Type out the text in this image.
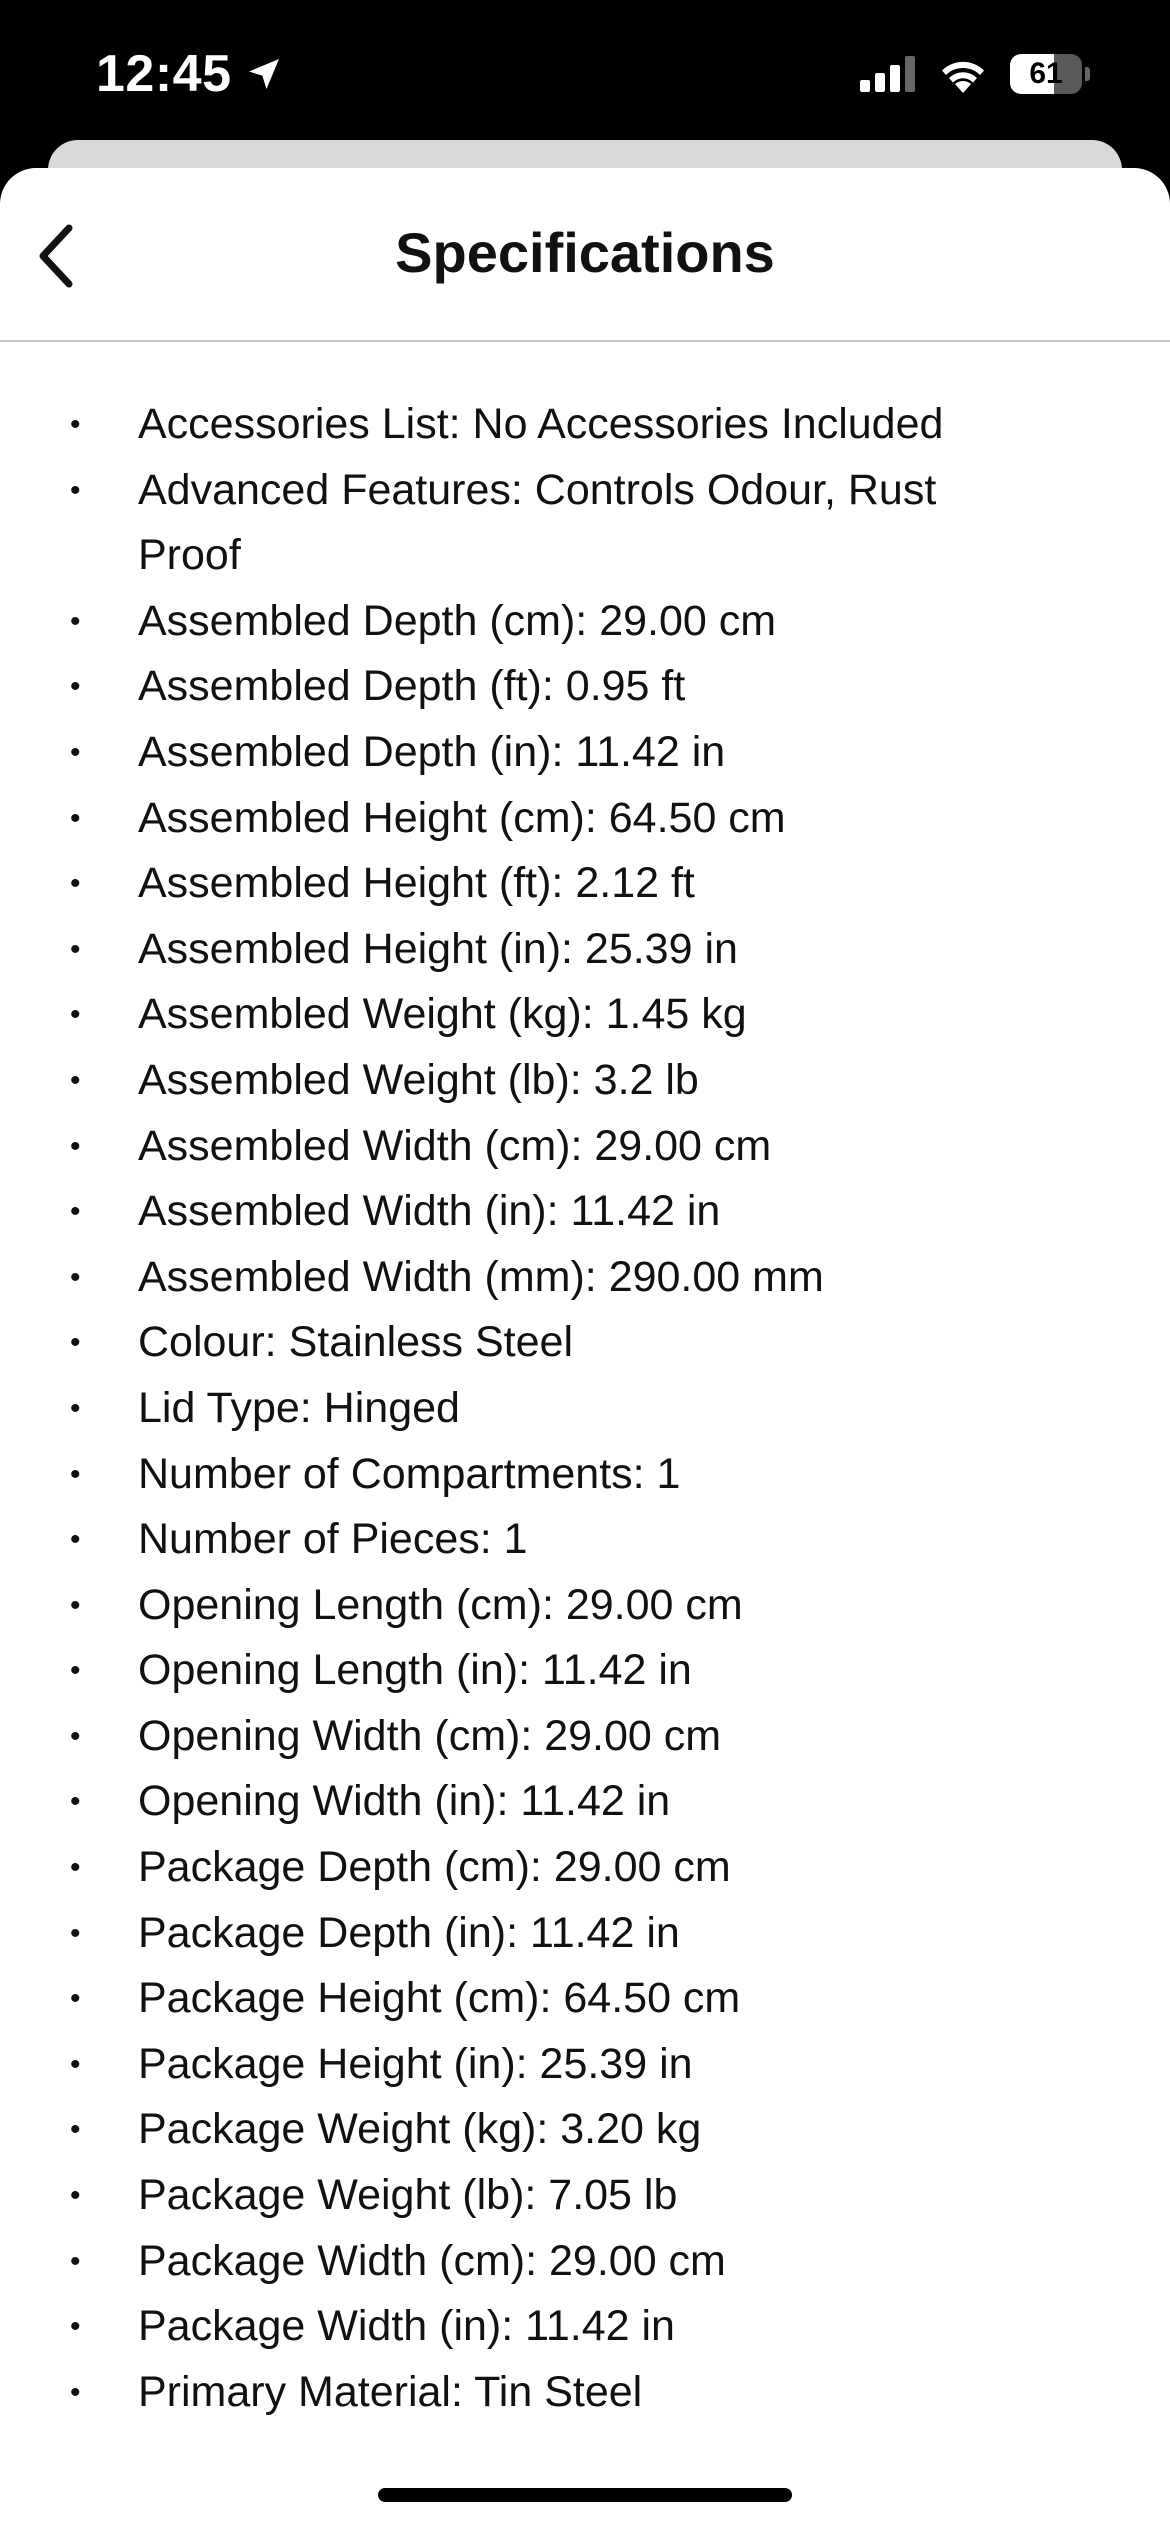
12:45	61
Specifications
• Accessories List: No Accessories Included
• Advanced Features: Controls Odour, Rust Proof
• Assembled Depth (cm): 29.00 cm
• Assembled Depth (ft): 0.95 ft
• Assembled Depth (in): 11.42 in
• Assembled Height (cm): 64.50 cm
• Assembled Height (ft): 2.12 ft
• Assembled Height (in): 25.39 in
• Assembled Weight (kg): 1.45 kg
• Assembled Weight (lb): 3.2 lb
• Assembled Width (cm): 29.00 cm
• Assembled Width (in): 11.42 in
• Assembled Width (mm): 290.00 mm
• Colour: Stainless Steel
• Lid Type: Hinged
• Number of Compartments: 1
• Number of Pieces: 1
• Opening Length (cm): 29.00 cm
• Opening Length (in): 11.42 in
• Opening Width (cm): 29.00 cm
• Opening Width (in): 11.42 in
• Package Depth (cm): 29.00 cm
• Package Depth (in): 11.42 in
• Package Height (cm): 64.50 cm
• Package Height (in): 25.39 in
• Package Weight (kg): 3.20 kg
• Package Weight (lb): 7.05 lb
• Package Width (cm): 29.00 cm
• Package Width (in): 11.42 in
• Primary Material: Tin Steel
